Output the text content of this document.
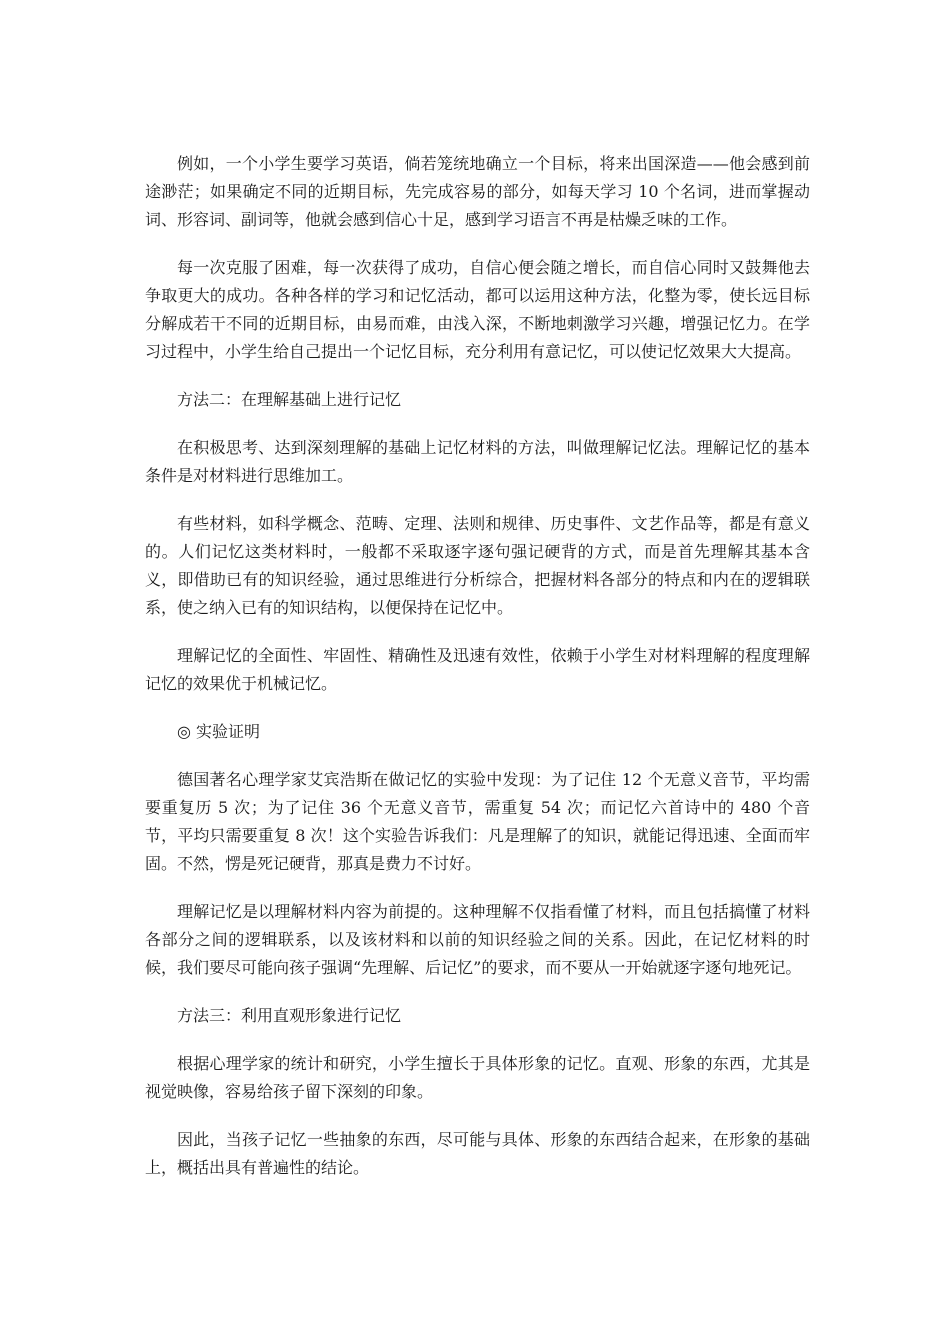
例如，一个小学生要学习英语，倘若笼统地确立一个目标，将来出国深造——他会感到前途渺茫；如果确定不同的近期目标，先完成容易的部分，如每天学习 10 个名词，进而掌握动词、形容词、副词等，他就会感到信心十足，感到学习语言不再是枯燥乏味的工作。

每一次克服了困难，每一次获得了成功，自信心便会随之增长，而自信心同时又鼓舞他去争取更大的成功。各种各样的学习和记忆活动，都可以运用这种方法，化整为零，使长远目标分解成若干不同的近期目标，由易而难，由浅入深，不断地刺激学习兴趣，增强记忆力。在学习过程中，小学生给自己提出一个记忆目标，充分利用有意记忆，可以使记忆效果大大提高。

方法二：在理解基础上进行记忆

在积极思考、达到深刻理解的基础上记忆材料的方法，叫做理解记忆法。理解记忆的基本条件是对材料进行思维加工。

有些材料，如科学概念、范畴、定理、法则和规律、历史事件、文艺作品等，都是有意义的。人们记忆这类材料时，一般都不采取逐字逐句强记硬背的方式，而是首先理解其基本含义，即借助已有的知识经验，通过思维进行分析综合，把握材料各部分的特点和内在的逻辑联系，使之纳入已有的知识结构，以便保持在记忆中。

理解记忆的全面性、牢固性、精确性及迅速有效性，依赖于小学生对材料理解的程度理解记忆的效果优于机械记忆。

◎ 实验证明

德国著名心理学家艾宾浩斯在做记忆的实验中发现：为了记住 12 个无意义音节，平均需要重复历 5 次；为了记住 36 个无意义音节，需重复 54 次；而记忆六首诗中的 480 个音节，平均只需要重复 8 次！这个实验告诉我们：凡是理解了的知识，就能记得迅速、全面而牢固。不然，愣是死记硬背，那真是费力不讨好。

理解记忆是以理解材料内容为前提的。这种理解不仅指看懂了材料，而且包括搞懂了材料各部分之间的逻辑联系，以及该材料和以前的知识经验之间的关系。因此，在记忆材料的时候，我们要尽可能向孩子强调“先理解、后记忆”的要求，而不要从一开始就逐字逐句地死记。

方法三：利用直观形象进行记忆

根据心理学家的统计和研究，小学生擅长于具体形象的记忆。直观、形象的东西，尤其是视觉映像，容易给孩子留下深刻的印象。

因此，当孩子记忆一些抽象的东西，尽可能与具体、形象的东西结合起来，在形象的基础上，概括出具有普遍性的结论。
